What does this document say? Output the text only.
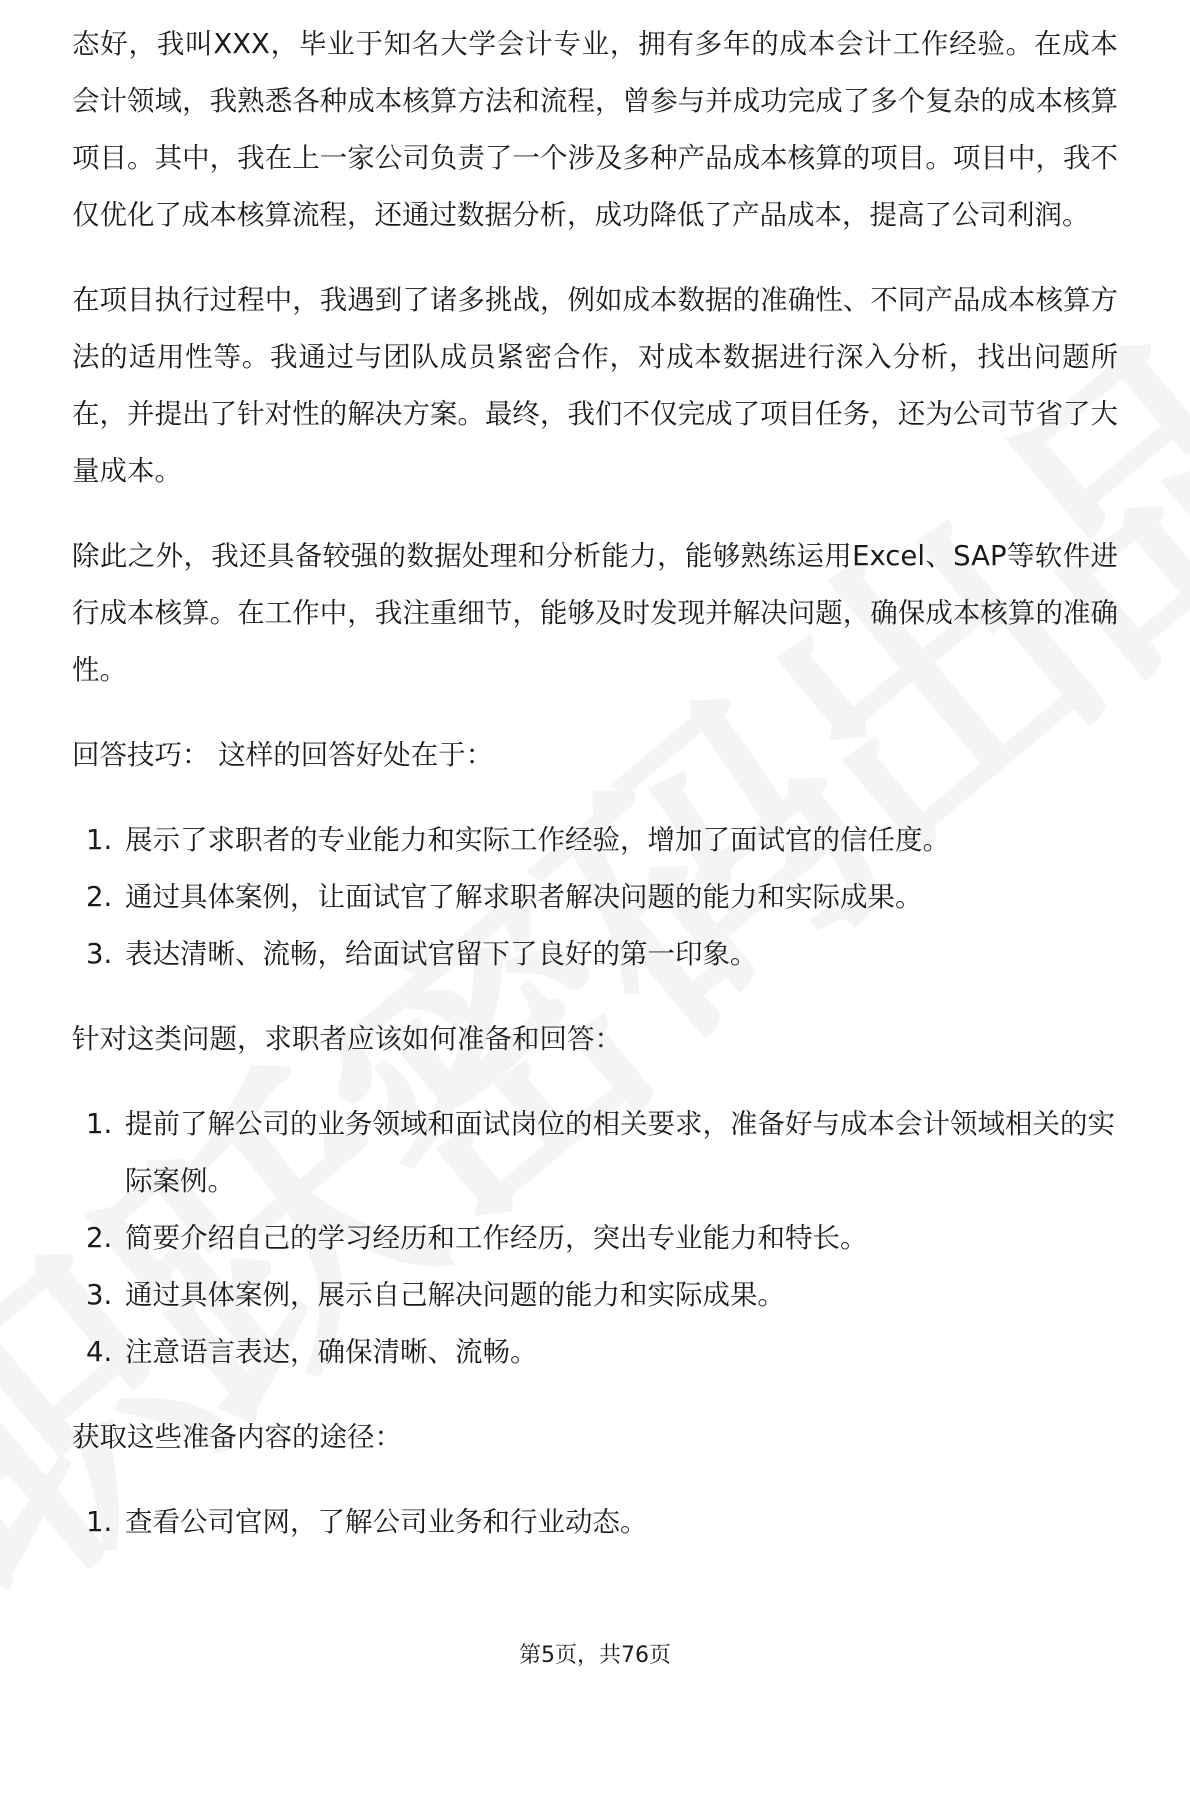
态好，我叫XXX，毕业于知名大学会计专业，拥有多年的成本会计工作经验。在成本会计领域，我熟悉各种成本核算方法和流程，曾参与并成功完成了多个复杂的成本核算项目。其中，我在上一家公司负责了一个涉及多种产品成本核算的项目。项目中，我不仅优化了成本核算流程，还通过数据分析，成功降低了产品成本，提高了公司利润。

在项目执行过程中，我遇到了诸多挑战，例如成本数据的准确性、不同产品成本核算方法的适用性等。我通过与团队成员紧密合作，对成本数据进行深入分析，找出问题所在，并提出了针对性的解决方案。最终，我们不仅完成了项目任务，还为公司节省了大量成本。

除此之外，我还具备较强的数据处理和分析能力，能够熟练运用Excel、SAP等软件进行成本核算。在工作中，我注重细节，能够及时发现并解决问题，确保成本核算的准确性。

回答技巧： 这样的回答好处在于：

1. 展示了求职者的专业能力和实际工作经验，增加了面试官的信任度。
2. 通过具体案例，让面试官了解求职者解决问题的能力和实际成果。
3. 表达清晰、流畅，给面试官留下了良好的第一印象。

针对这类问题，求职者应该如何准备和回答：

1. 提前了解公司的业务领域和面试岗位的相关要求，准备好与成本会计领域相关的实际案例。
2. 简要介绍自己的学习经历和工作经历，突出专业能力和特长。
3. 通过具体案例，展示自己解决问题的能力和实际成果。
4. 注意语言表达，确保清晰、流畅。

获取这些准备内容的途径：

1. 查看公司官网，了解公司业务和行业动态。
第5页，共76页
